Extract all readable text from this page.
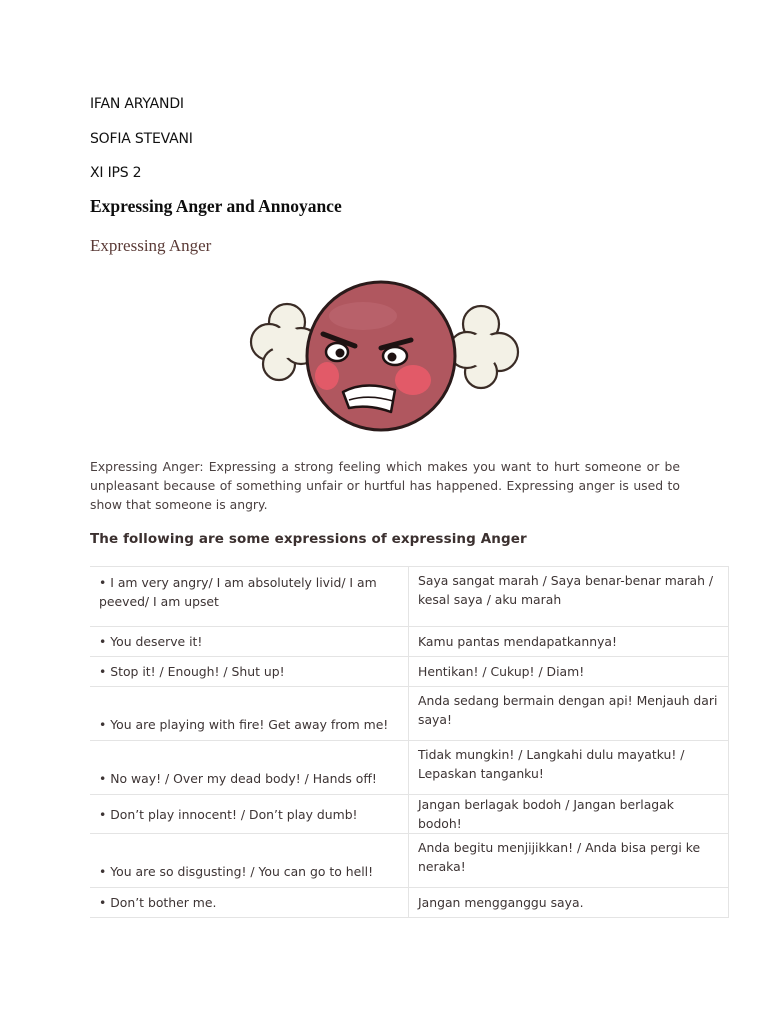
IFAN ARYANDI
SOFIA STEVANI
XI IPS 2
Expressing Anger and Annoyance
Expressing Anger

Expressing Anger: Expressing a strong feeling which makes you want to hurt someone or be unpleasant because of something unfair or hurtful has happened. Expressing anger is used to show that someone is angry.

The following are some expressions of expressing Anger
• I am very angry/ I am absolutely livid/ I am peeved/ I am upset	Saya sangat marah / Saya benar-benar marah / kesal saya / aku marah
• You deserve it!	Kamu pantas mendapatkannya!
• Stop it! / Enough! / Shut up!	Hentikan! / Cukup! / Diam!
• You are playing with fire! Get away from me!	Anda sedang bermain dengan api! Menjauh dari saya!
• No way! / Over my dead body! / Hands off!	Tidak mungkin! / Langkahi dulu mayatku! / Lepaskan tanganku!
• Don’t play innocent! / Don’t play dumb!	Jangan berlagak bodoh / Jangan berlagak bodoh!
• You are so disgusting! / You can go to hell!	Anda begitu menjijikkan! / Anda bisa pergi ke neraka!
• Don’t bother me.	Jangan mengganggu saya.
